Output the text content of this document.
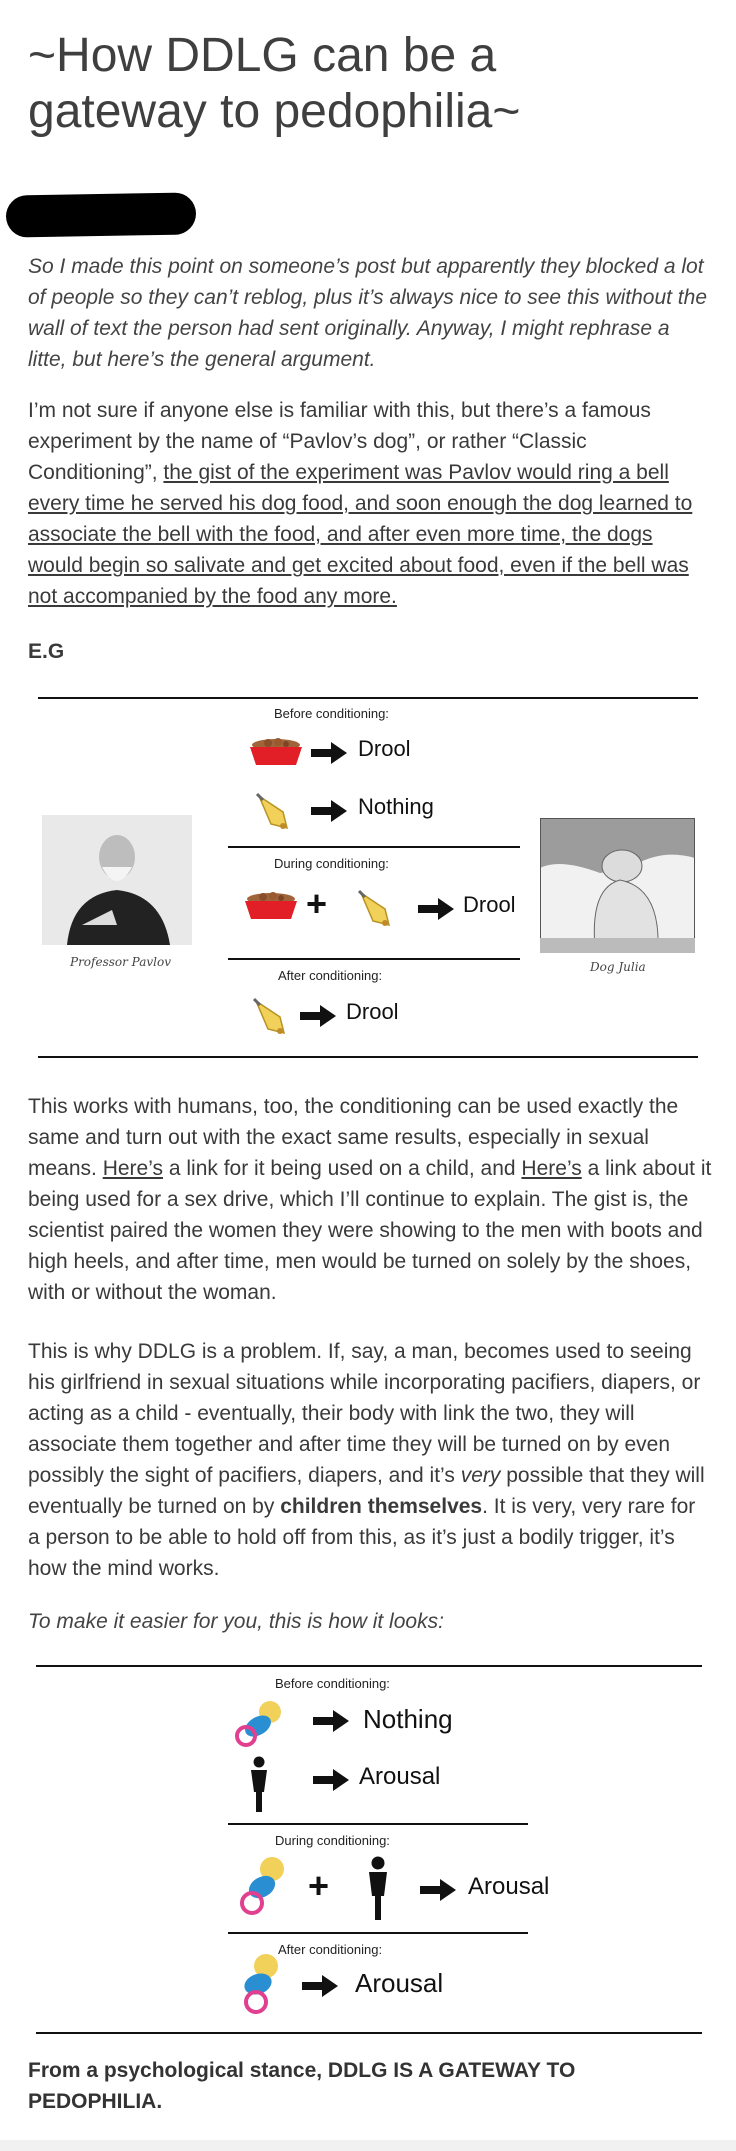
~How DDLG can be a gateway to pedophilia~

So I made this point on someone’s post but apparently they blocked a lot of people so they can’t reblog, plus it’s always nice to see this without the wall of text the person had sent originally. Anyway, I might rephrase a litte, but here’s the general argument.

I’m not sure if anyone else is familiar with this, but there’s a famous experiment by the name of “Pavlov’s dog”, or rather “Classic Conditioning”, the gist of the experiment was Pavlov would ring a bell every time he served his dog food, and soon enough the dog learned to associate the bell with the food, and after even more time, the dogs would begin so salivate and get excited about food, even if the bell was not accompanied by the food any more.

E.G
Before conditioning:
Drool
Nothing
During conditioning:
+	Drool
After conditioning:
Drool
Professor Pavlov	Dog Julia

This works with humans, too, the conditioning can be used exactly the same and turn out with the exact same results, especially in sexual means. Here’s a link for it being used on a child, and Here’s a link about it being used for a sex drive, which I’ll continue to explain. The gist is, the scientist paired the women they were showing to the men with boots and high heels, and after time, men would be turned on solely by the shoes, with or without the woman.

This is why DDLG is a problem. If, say, a man, becomes used to seeing his girlfriend in sexual situations while incorporating pacifiers, diapers, or acting as a child - eventually, their body with link the two, they will associate them together and after time they will be turned on by even possibly the sight of pacifiers, diapers, and it’s very possible that they will eventually be turned on by children themselves. It is very, very rare for a person to be able to hold off from this, as it’s just a bodily trigger, it’s how the mind works.

To make it easier for you, this is how it looks:

Before conditioning:
Nothing
Arousal
During conditioning:
+	Arousal
After conditioning:
Arousal

From a psychological stance, DDLG IS A GATEWAY TO PEDOPHILIA.
